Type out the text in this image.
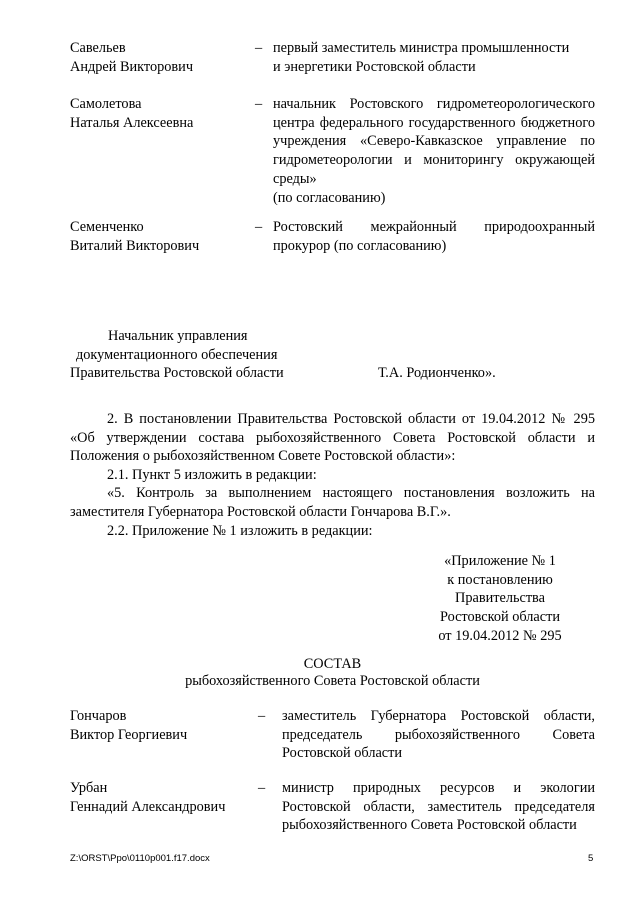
Савельев
Андрей Викторович
– первый заместитель министра промышленности
и энергетики Ростовской области
Самолетова
Наталья Алексеевна
– начальник Ростовского гидрометеорологического центра федерального государственного бюджетного учреждения «Северо-Кавказское управление по гидрометеорологии и мониторингу окружающей среды»
(по согласованию)
Семенченко
Виталий Викторович
– Ростовский межрайонный природоохранный прокурор (по согласованию)
Начальник управления
документационного обеспечения
Правительства Ростовской области	Т.А. Родионченко».
2. В постановлении Правительства Ростовской области от 19.04.2012 № 295 «Об утверждении состава рыбохозяйственного Совета Ростовской области и Положения о рыбохозяйственном Совете Ростовской области»:
2.1. Пункт 5 изложить в редакции:
«5. Контроль за выполнением настоящего постановления возложить на заместителя Губернатора Ростовской области Гончарова В.Г.».
2.2. Приложение № 1 изложить в редакции:
«Приложение № 1
к постановлению
Правительства
Ростовской области
от 19.04.2012 № 295
СОСТАВ
рыбохозяйственного Совета Ростовской области
Гончаров
Виктор Георгиевич
–	заместитель Губернатора Ростовской области, председатель рыбохозяйственного Совета Ростовской области
Урбан
Геннадий Александрович
–	министр природных ресурсов и экологии Ростовской области, заместитель председателя рыбохозяйственного Совета Ростовской области
Z:\ORST\Ppo\0110p001.f17.docx	5
